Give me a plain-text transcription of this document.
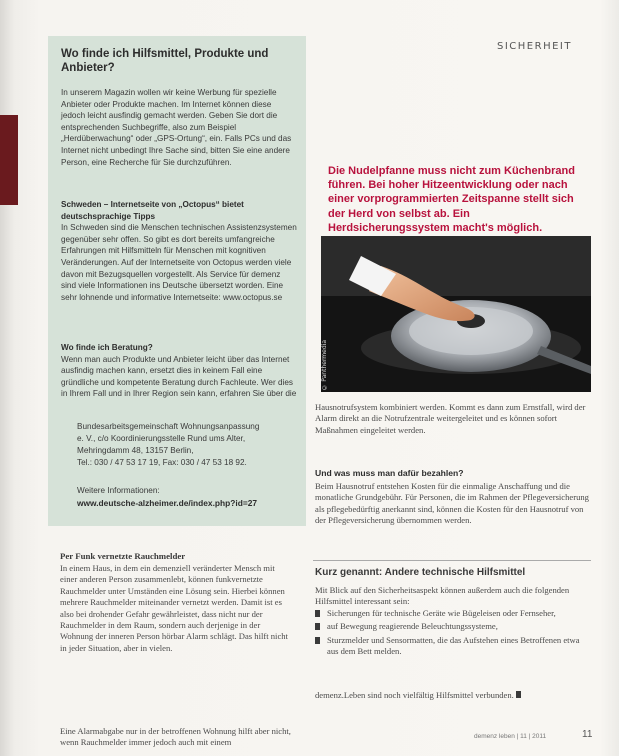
SICHERHEIT
Wo finde ich Hilfsmittel, Produkte und Anbieter?

In unserem Magazin wollen wir keine Werbung für spezielle Anbieter oder Produkte machen. Im Internet können diese jedoch leicht ausfindig gemacht werden. Geben Sie dort die entsprechenden Suchbegriffe, also zum Beispiel „Herdüberwachung“ oder „GPS-Ortung“, ein. Falls PCs und das Internet nicht unbedingt Ihre Sache sind, bitten Sie eine andere Person, eine Recherche für Sie durchzuführen.

Schweden – Internetseite von „Octopus“ bietet deutschsprachige Tipps
In Schweden sind die Menschen technischen Assistenzsystemen gegenüber sehr offen. So gibt es dort bereits umfangreiche Erfahrungen mit Hilfsmitteln für Menschen mit kognitiven Veränderungen. Auf der Internetseite von Octopus werden viele davon mit Bezugsquellen vorgestellt. Als Service für demenz sind viele Informationen ins Deutsche übersetzt worden. Eine sehr lohnende und informative Internetseite: www.octopus.se
Wo finde ich Beratung?
Wenn man auch Produkte und Anbieter leicht über das Internet ausfindig machen kann, ersetzt dies in keinem Fall eine gründliche und kompetente Beratung durch Fachleute. Wer dies in Ihrem Fall und in Ihrer Region sein kann, erfahren Sie über die
Bundesarbeitsgemeinschaft Wohnungsanpassung
e. V., c/o Koordinierungsstelle Rund ums Alter,
Mehringdamm 48, 13157 Berlin,
Tel.: 030 / 47 53 17 19, Fax: 030 / 47 53 18 92.
Weitere Informationen:
www.deutsche-alzheimer.de/index.php?id=27

Die Nudelpfanne muss nicht zum Küchenbrand führen. Bei hoher Hitzeentwicklung oder nach einer vorprogrammierten Zeitspanne stellt sich der Herd von selbst ab. Ein Herdsicherungssystem macht's möglich.

© Panthermedia
Per Funk vernetzte Rauchmelder

In einem Haus, in dem ein demenziell veränderter Mensch mit einer anderen Person zusammenlebt, können funkvernetzte Rauchmelder unter Umständen eine Lösung sein. Hierbei können mehrere Rauchmelder miteinander vernetzt werden. Damit ist es also bei drohender Gefahr gewährleistet, dass nicht nur der Rauchmelder in dem Raum, sondern auch derjenige in der Wohnung der inneren Person hörbar Alarm schlägt. Das hilft nicht in jeder Situation, aber in vielen.

Eine Alarmabgabe nur in der betroffenen Wohnung hilft aber nicht, wenn Rauchmelder immer jedoch auch mit einem

Hausnotrufsystem kombiniert werden. Kommt es dann zum Ernstfall, wird der Alarm direkt an die Notrufzentrale weitergeleitet und es können sofort Maßnahmen eingeleitet werden.

Und was muss man dafür bezahlen?

Beim Hausnotruf entstehen Kosten für die einmalige Anschaffung und die monatliche Grundgebühr. Für Personen, die im Rahmen der Pflegeversicherung als pflegebedürftig anerkannt sind, können die Kosten für den Hausnotruf von der Pflegeversicherung übernommen werden.

Kurz genannt: Andere technische Hilfsmittel

Mit Blick auf den Sicherheitsaspekt können außerdem auch die folgenden Hilfsmittel interessant sein:

Sicherungen für technische Geräte wie Bügeleisen oder Fernseher,
auf Bewegung reagierende Beleuchtungssysteme,
Sturzmelder und Sensormatten, die das Aufstehen eines Betroffenen etwa aus dem Bett melden.

demenz.Leben sind noch vielfältig Hilfsmittel verbunden.

demenz leben | 11 | 2011	11
